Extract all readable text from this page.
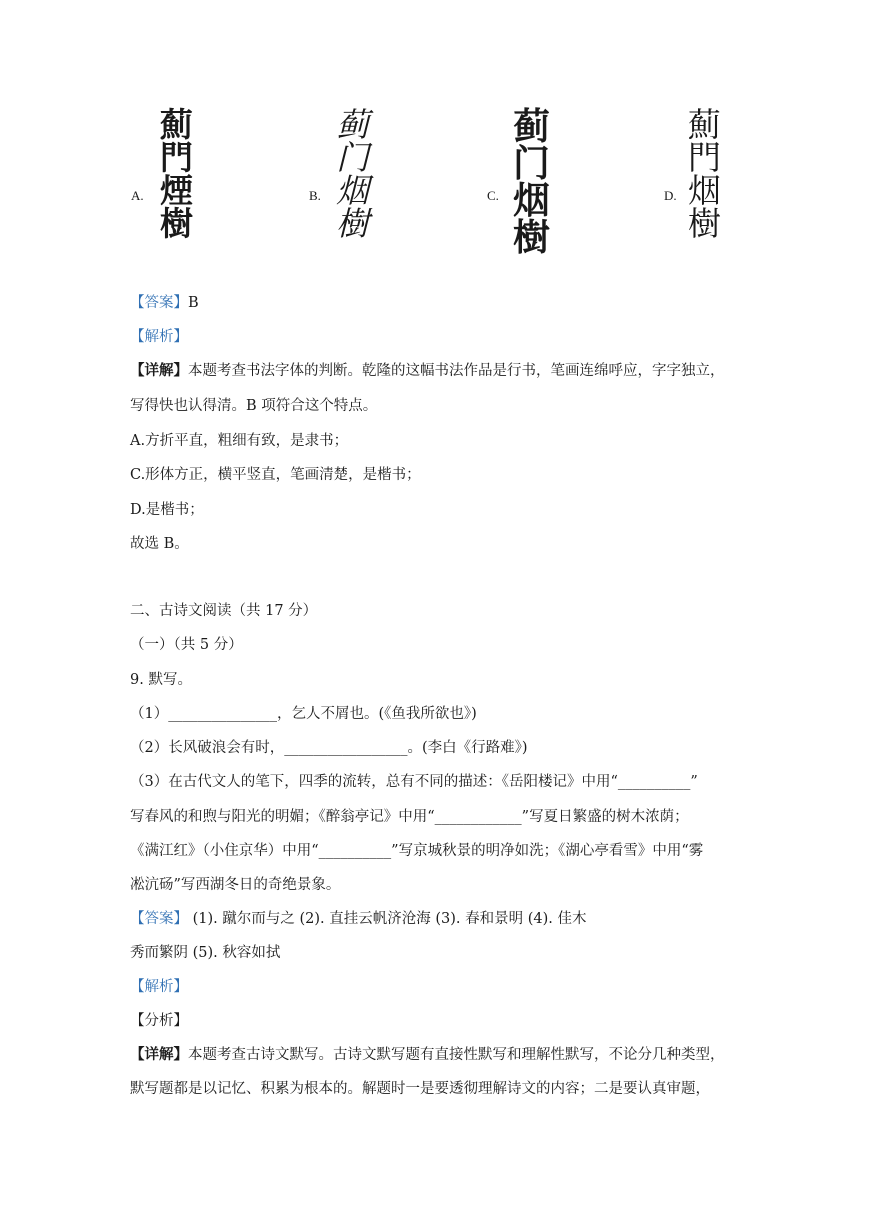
A.
薊
門
煙
樹
B.
蓟
门
烟
樹
C.
蓟
门
烟
樹
D.
薊
門
烟
樹
【答案】B
【解析】
【详解】本题考查书法字体的判断。乾隆的这幅书法作品是行书，笔画连绵呼应，字字独立，
写得快也认得清。B 项符合这个特点。
A.方折平直，粗细有致，是隶书；
C.形体方正，横平竖直，笔画清楚，是楷书；
D.是楷书；
故选 B。
二、古诗文阅读（共 17 分）
（一）（共 5 分）
9. 默写。
（1）_______________，乞人不屑也。(《鱼我所欲也》)
（2）长风破浪会有时，_________________。(李白《行路难》)
（3）在古代文人的笔下，四季的流转，总有不同的描述：《岳阳楼记》中用“__________”
写春风的和煦与阳光的明媚；《醉翁亭记》中用“____________”写夏日繁盛的树木浓荫；
《满江红》（小住京华）中用“__________”写京城秋景的明净如洗；《湖心亭看雪》中用“雾
凇沆砀”写西湖冬日的奇绝景象。
【答案】 (1). 蹴尔而与之 (2). 直挂云帆济沧海 (3). 春和景明 (4). 佳木
秀而繁阴 (5). 秋容如拭
【解析】
【分析】
【详解】本题考查古诗文默写。古诗文默写题有直接性默写和理解性默写，不论分几种类型，
默写题都是以记忆、积累为根本的。解题时一是要透彻理解诗文的内容；二是要认真审题，
